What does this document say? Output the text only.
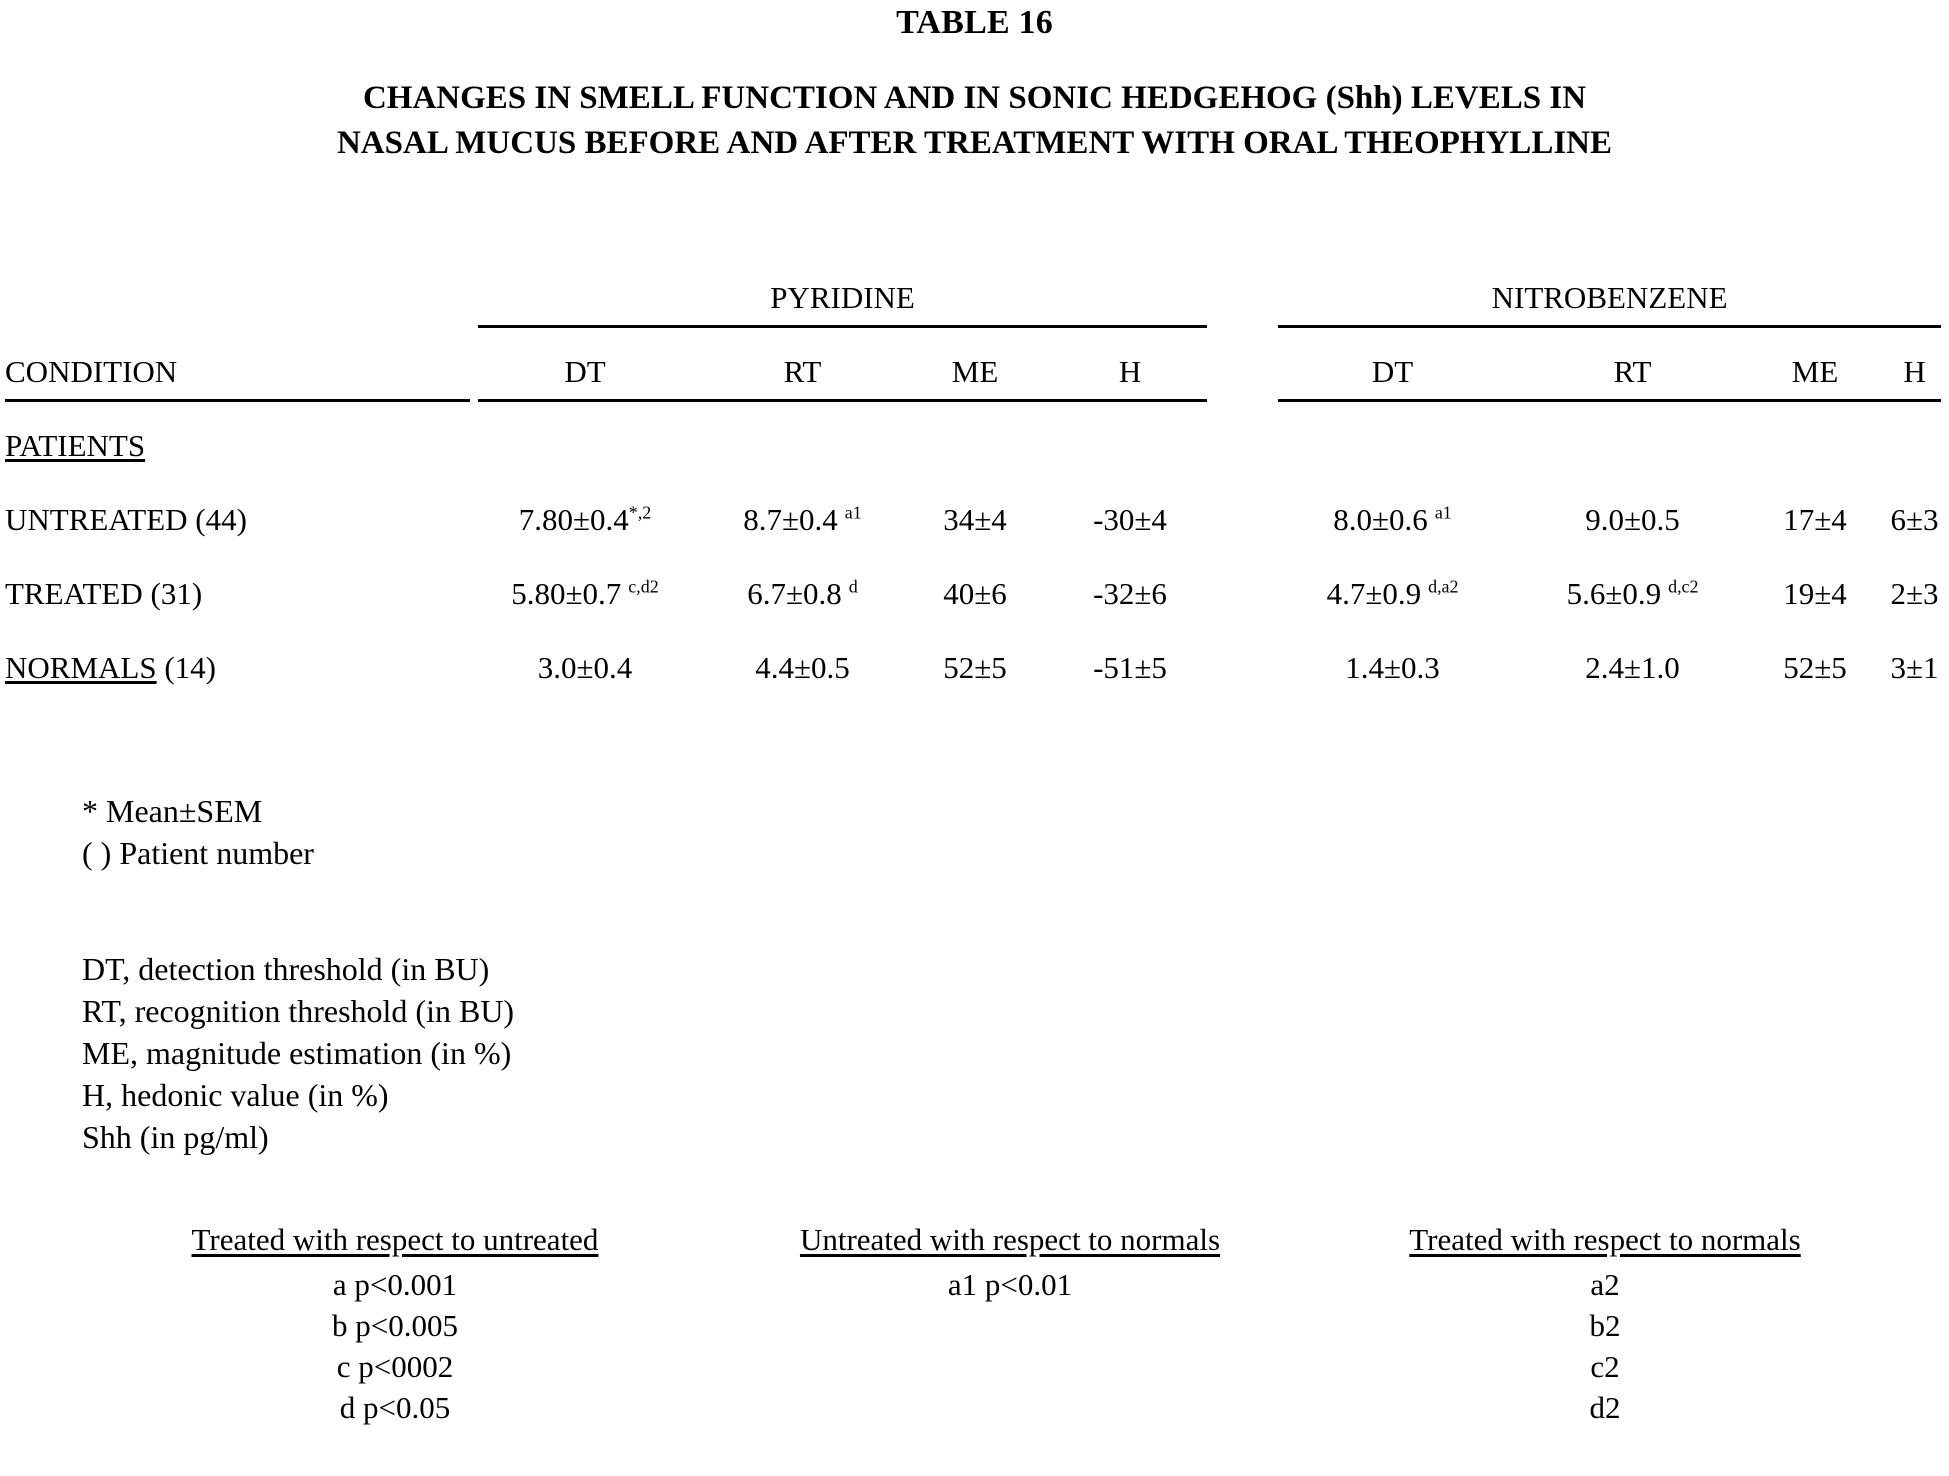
TABLE 16
CHANGES IN SMELL FUNCTION AND IN SONIC HEDGEHOG (Shh) LEVELS IN
NASAL MUCUS BEFORE AND AFTER TREATMENT WITH ORAL THEOPHYLLINE
	PYRIDINE					NITROBENZENE			

CONDITION	DT	RT	ME	H		DT	RT	ME	H

PATIENTS									
UNTREATED (44)	$7.80\pm 0.4^{*,2}$	8.7±0.4 $^{a1}$	34±4	-30±4		8.0±0.6 $^{a1}$	9.0±0.5	17±4	6±3
TREATED (31)	5.80±0.7 $^{c,d2}$	6.7±0.8 $^d$	40±6	-32±6		4.7±0.9 $^{d,a2}$	5.6±0.9 $^{d,c2}$	19±4	2±3
NORMALS (14)	3.0±0.4	4.4±0.5	52±5	-51±5		1.4±0.3	2.4±1.0	52±5	3±1
* Mean±SEM
( ) Patient number
DT, detection threshold (in BU)
RT, recognition threshold (in BU)
ME, magnitude estimation (in %)
H, hedonic value (in %)
Shh (in pg/ml)
Treated with respect to untreated
a p<0.001
b p<0.005
c p<0002
d p<0.05
Untreated with respect to normals
a1 p<0.01
Treated with respect to normals
a2
b2
c2
d2
